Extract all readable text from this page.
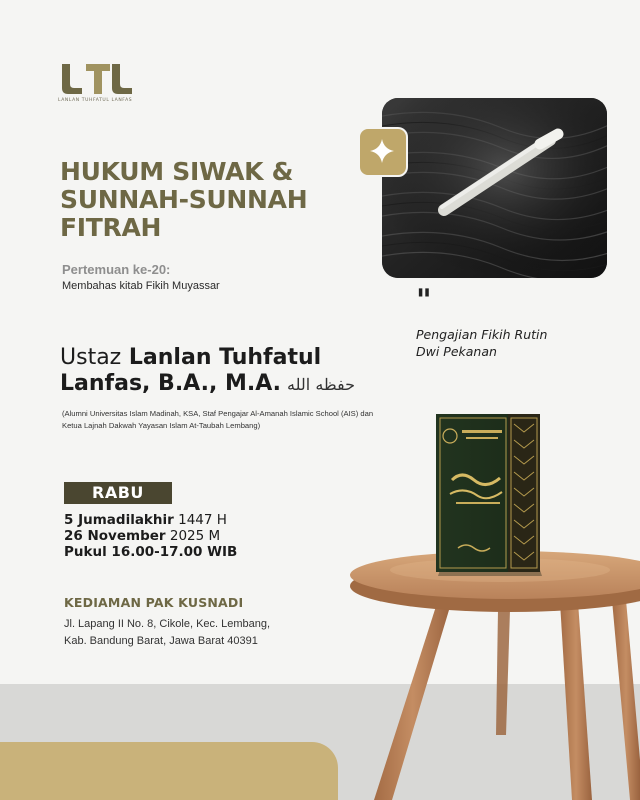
LANLAN TUHFATUL LANFAS
HUKUM SIWAK &
SUNNAH-SUNNAH
FITRAH
Pertemuan ke-20:
Membahas kitab Fikih Muyassar
Ustaz Lanlan Tuhfatul
Lanfas, B.A., M.A. حفظه الله

(Alumni Universitas Islam Madinah, KSA, Staf Pengajar Al-Amanah Islamic School (AIS) dan Ketua Lajnah Dakwah Yayasan Islam At-Taubah Lembang)

RABU
5 Jumadilakhir 1447 H
26 November 2025 M
Pukul 16.00-17.00 WIB
KEDIAMAN PAK KUSNADI
Jl. Lapang II No. 8, Cikole, Kec. Lembang,
Kab. Bandung Barat, Jawa Barat 40391
"
Pengajian Fikih Rutin
Dwi Pekanan
